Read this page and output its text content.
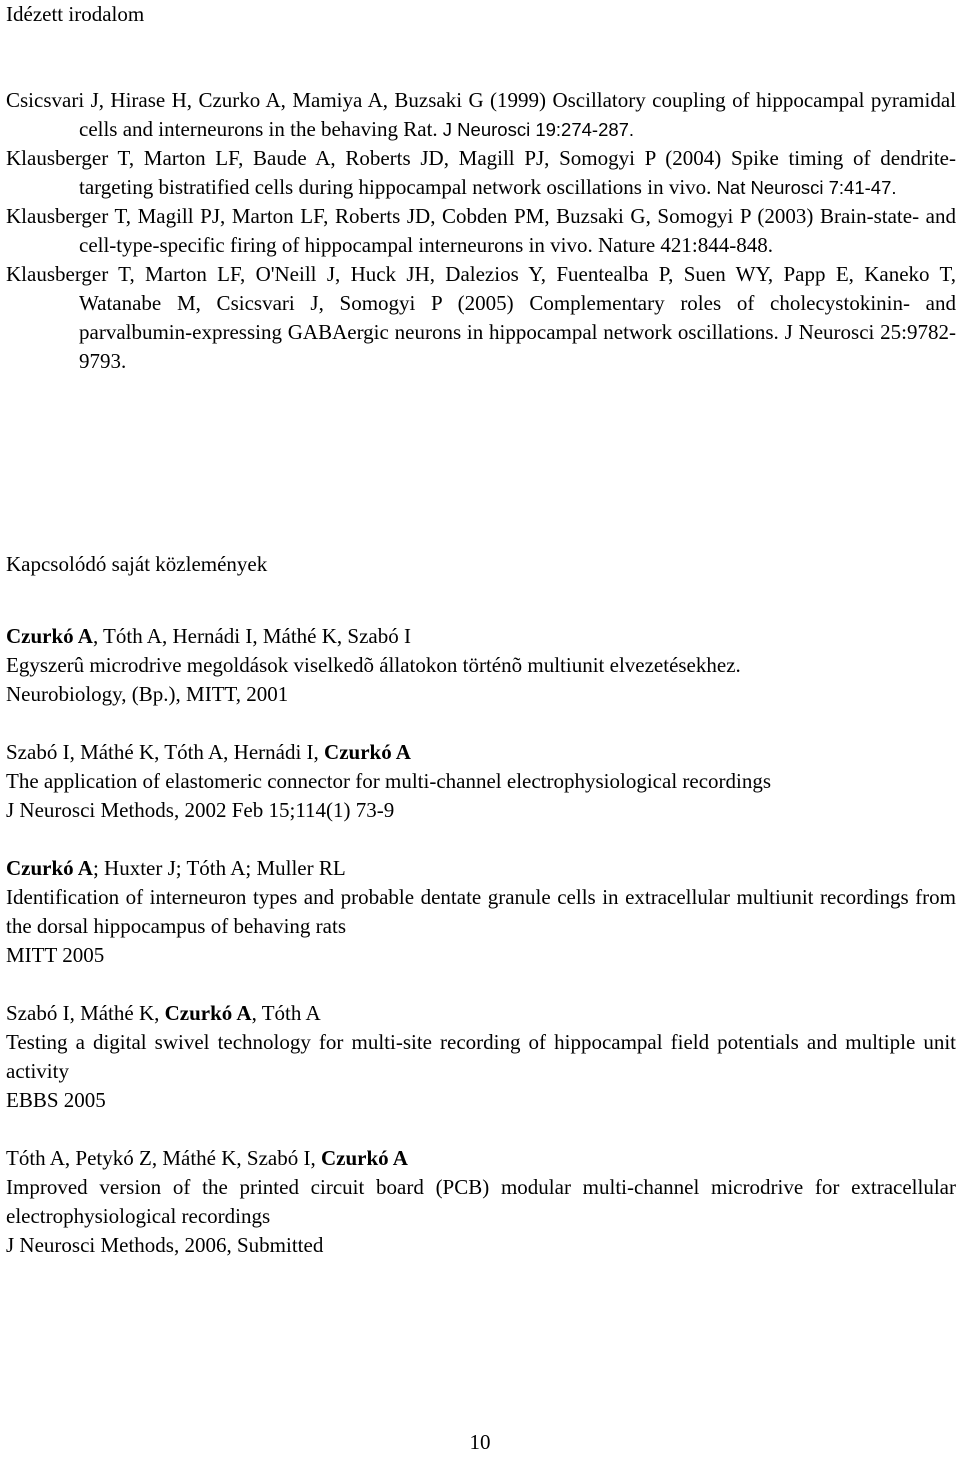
Idézett irodalom
Csicsvari J, Hirase H, Czurko A, Mamiya A, Buzsaki G (1999) Oscillatory coupling of hippocampal pyramidal cells and interneurons in the behaving Rat. J Neurosci 19:274-287.
Klausberger T, Marton LF, Baude A, Roberts JD, Magill PJ, Somogyi P (2004) Spike timing of dendrite-targeting bistratified cells during hippocampal network oscillations in vivo. Nat Neurosci 7:41-47.
Klausberger T, Magill PJ, Marton LF, Roberts JD, Cobden PM, Buzsaki G, Somogyi P (2003) Brain-state- and cell-type-specific firing of hippocampal interneurons in vivo. Nature 421:844-848.
Klausberger T, Marton LF, O'Neill J, Huck JH, Dalezios Y, Fuentealba P, Suen WY, Papp E, Kaneko T, Watanabe M, Csicsvari J, Somogyi P (2005) Complementary roles of cholecystokinin- and parvalbumin-expressing GABAergic neurons in hippocampal network oscillations. J Neurosci 25:9782-9793.
Kapcsolódó saját közlemények
Czurkó A, Tóth A, Hernádi I, Máthé K, Szabó I
Egyszerû microdrive megoldások viselkedõ állatokon történõ multiunit elvezetésekhez.
Neurobiology, (Bp.), MITT, 2001
Szabó I, Máthé K, Tóth A, Hernádi I, Czurkó A
The application of elastomeric connector for multi-channel electrophysiological recordings
J Neurosci Methods, 2002 Feb 15;114(1) 73-9
Czurkó A; Huxter J; Tóth A; Muller RL
Identification of interneuron types and probable dentate granule cells in extracellular multiunit recordings from the dorsal hippocampus of behaving rats
MITT 2005
Szabó I, Máthé K, Czurkó A, Tóth A
Testing a digital swivel technology for multi-site recording of hippocampal field potentials and multiple unit activity
EBBS 2005
Tóth A, Petykó Z, Máthé K, Szabó I, Czurkó A
Improved version of the printed circuit board (PCB) modular multi-channel microdrive for extracellular electrophysiological recordings
J Neurosci Methods, 2006, Submitted
10
